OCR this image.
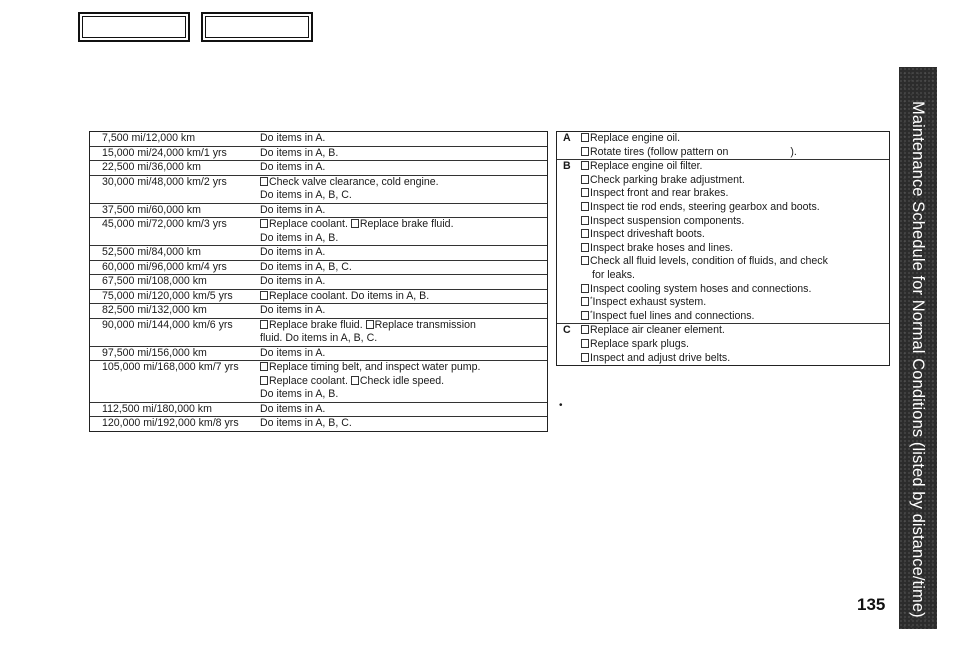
7,500 mi/12,000 km	Do items in A.
15,000 mi/24,000 km/1 yrs	Do items in A, B.
22,500 mi/36,000 km	Do items in A.
30,000 mi/48,000 km/2 yrs	Check valve clearance, cold engine.
Do items in A, B, C.
37,500 mi/60,000 km	Do items in A.
45,000 mi/72,000 km/3 yrs	Replace coolant. Replace brake fluid.
Do items in A, B.
52,500 mi/84,000 km	Do items in A.
60,000 mi/96,000 km/4 yrs	Do items in A, B, C.
67,500 mi/108,000 km	Do items in A.
75,000 mi/120,000 km/5 yrs	Replace coolant. Do items in A, B.
82,500 mi/132,000 km	Do items in A.
90,000 mi/144,000 km/6 yrs	Replace brake fluid. Replace transmission
fluid. Do items in A, B, C.
97,500 mi/156,000 km	Do items in A.
105,000 mi/168,000 km/7 yrs	Replace timing belt, and inspect water pump.
Replace coolant. Check idle speed.
Do items in A, B.
112,500 mi/180,000 km	Do items in A.
120,000 mi/192,000 km/8 yrs	Do items in A, B, C.
A	Replace engine oil.
Rotate tires (follow pattern on	).
B	Replace engine oil filter.
Check parking brake adjustment.
Inspect front and rear brakes.
Inspect tie rod ends, steering gearbox and boots.
Inspect suspension components.
Inspect driveshaft boots.
Inspect brake hoses and lines.
Check all fluid levels, condition of fluids, and check
for leaks.
Inspect cooling system hoses and connections.
*Inspect exhaust system.
*Inspect fuel lines and connections.
C	Replace air cleaner element.
Replace spark plugs.
Inspect and adjust drive belts.
•	Maintenance Schedule for Normal Conditions (listed by distance/time)
135
